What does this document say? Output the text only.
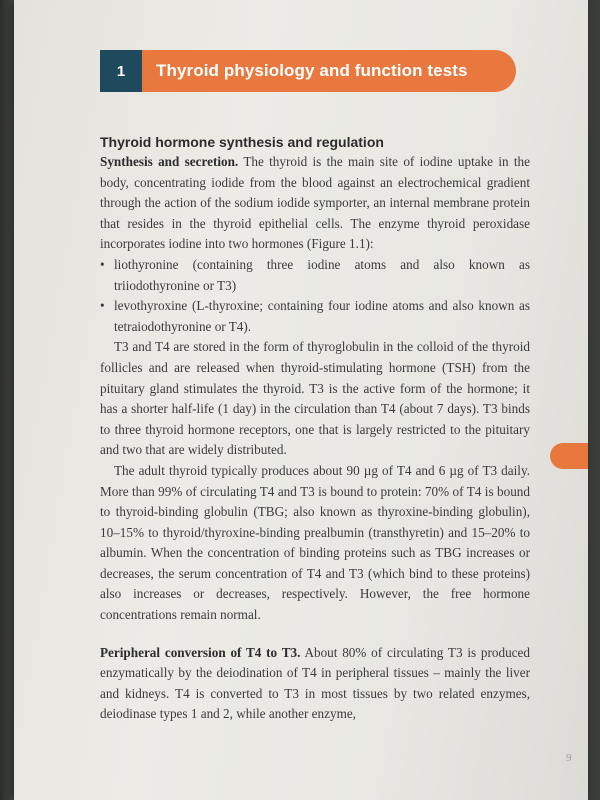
1	Thyroid physiology and function tests
Thyroid hormone synthesis and regulation

Synthesis and secretion. The thyroid is the main site of iodine uptake in the body, concentrating iodide from the blood against an electrochemical gradient through the action of the sodium iodide symporter, an internal membrane protein that resides in the thyroid epithelial cells. The enzyme thyroid peroxidase incorporates iodine into two hormones (Figure 1.1):

• liothyronine (containing three iodine atoms and also known as triiodothyronine or T3)
• levothyroxine (L-thyroxine; containing four iodine atoms and also known as tetraiodothyronine or T4).

T3 and T4 are stored in the form of thyroglobulin in the colloid of the thyroid follicles and are released when thyroid-stimulating hormone (TSH) from the pituitary gland stimulates the thyroid. T3 is the active form of the hormone; it has a shorter half-life (1 day) in the circulation than T4 (about 7 days). T3 binds to three thyroid hormone receptors, one that is largely restricted to the pituitary and two that are widely distributed.

The adult thyroid typically produces about 90 µg of T4 and 6 µg of T3 daily. More than 99% of circulating T4 and T3 is bound to protein: 70% of T4 is bound to thyroid-binding globulin (TBG; also known as thyroxine-binding globulin), 10–15% to thyroid/thyroxine-binding prealbumin (transthyretin) and 15–20% to albumin. When the concentration of binding proteins such as TBG increases or decreases, the serum concentration of T4 and T3 (which bind to these proteins) also increases or decreases, respectively. However, the free hormone concentrations remain normal.

Peripheral conversion of T4 to T3. About 80% of circulating T3 is produced enzymatically by the deiodination of T4 in peripheral tissues – mainly the liver and kidneys. T4 is converted to T3 in most tissues by two related enzymes, deiodinase types 1 and 2, while another enzyme,

9
